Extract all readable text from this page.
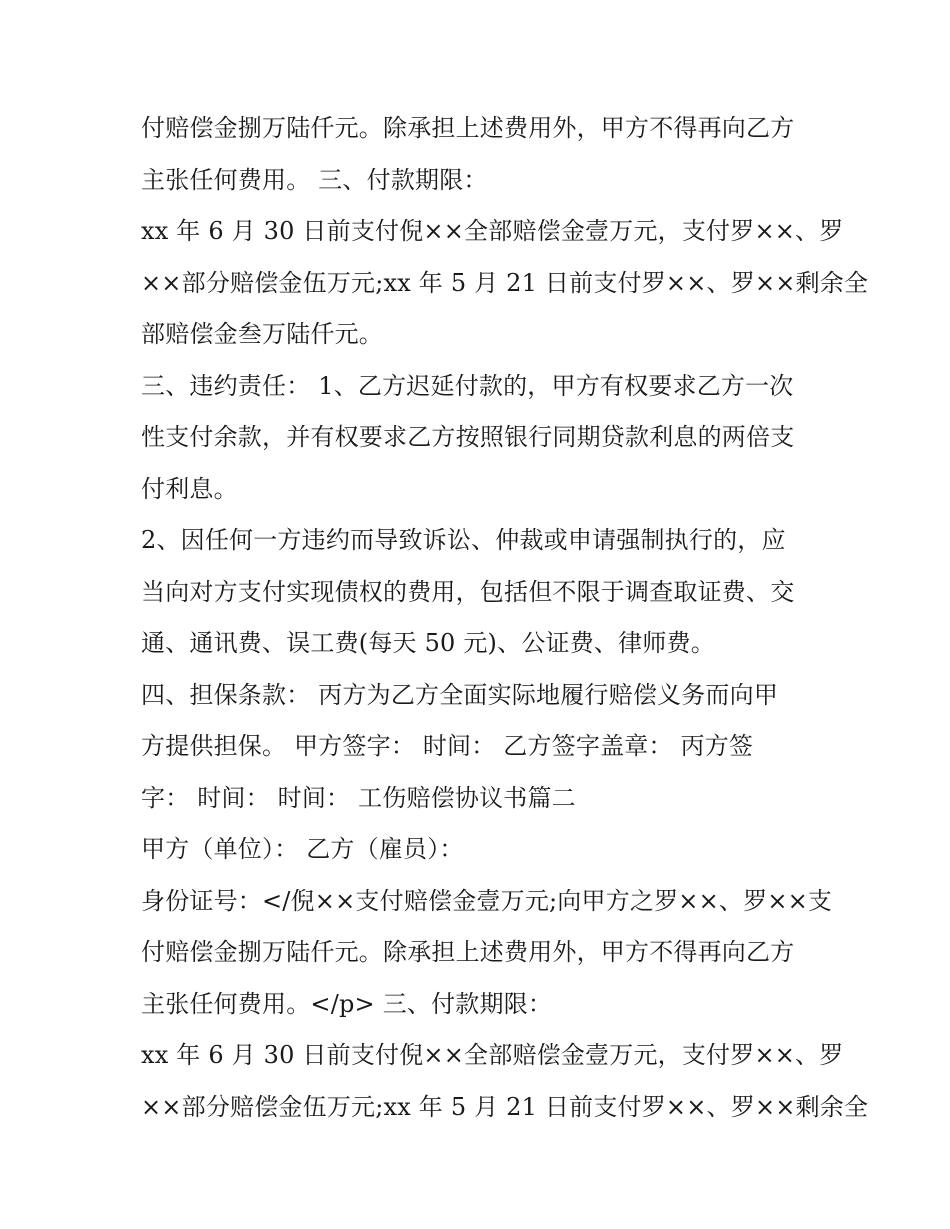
付赔偿金捌万陆仟元。除承担上述费用外，甲方不得再向乙方
主张任何费用。 三、付款期限：
xx 年 6 月 30 日前支付倪××全部赔偿金壹万元，支付罗××、罗
××部分赔偿金伍万元;xx 年 5 月 21 日前支付罗××、罗××剩余全
部赔偿金叁万陆仟元。
三、违约责任： 1、乙方迟延付款的，甲方有权要求乙方一次
性支付余款，并有权要求乙方按照银行同期贷款利息的两倍支
付利息。
2、因任何一方违约而导致诉讼、仲裁或申请强制执行的，应
当向对方支付实现债权的费用，包括但不限于调查取证费、交
通、通讯费、误工费(每天 50 元)、公证费、律师费。
四、担保条款： 丙方为乙方全面实际地履行赔偿义务而向甲
方提供担保。 甲方签字： 时间： 乙方签字盖章： 丙方签
字： 时间： 时间： 工伤赔偿协议书篇二
甲方（单位）： 乙方（雇员）：
身份证号：</倪××支付赔偿金壹万元;向甲方之罗××、罗××支
付赔偿金捌万陆仟元。除承担上述费用外，甲方不得再向乙方
主张任何费用。</p> 三、付款期限：
xx 年 6 月 30 日前支付倪××全部赔偿金壹万元，支付罗××、罗
××部分赔偿金伍万元;xx 年 5 月 21 日前支付罗××、罗××剩余全
